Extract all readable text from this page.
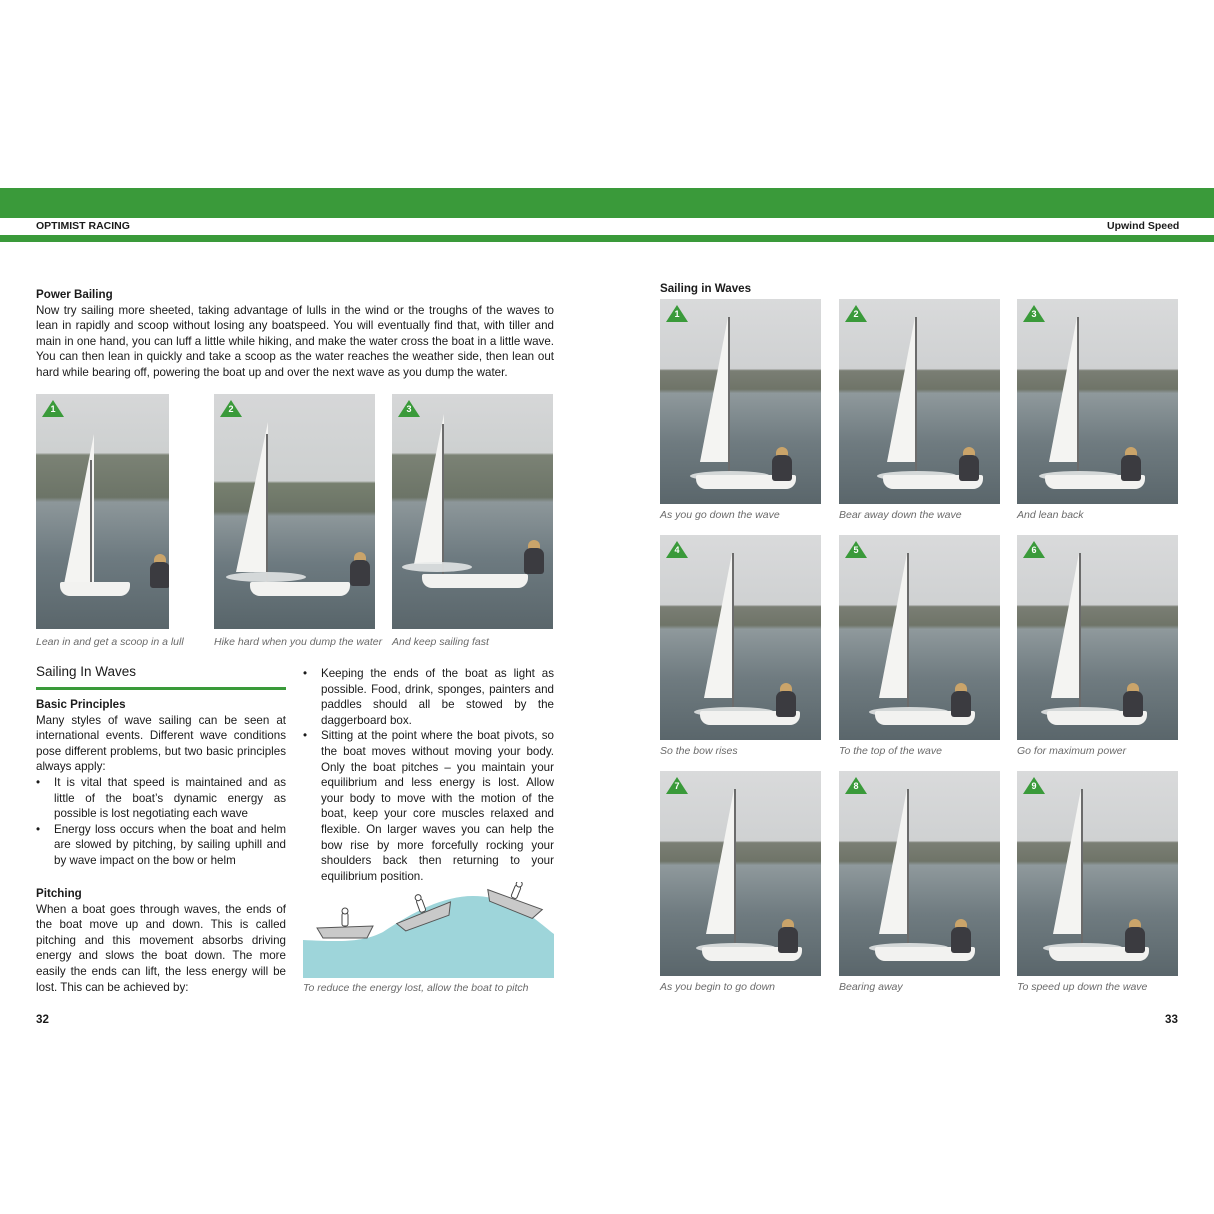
OPTIMIST RACING	PART 1: SPEED Upwind Speed
Power Bailing
Now try sailing more sheeted, taking advantage of lulls in the wind or the troughs of the waves to lean in rapidly and scoop without losing any boatspeed. You will eventually find that, with tiller and main in one hand, you can luff a little while hiking, and make the water cross the boat in a little wave. You can then lean in quickly and take a scoop as the water reaches the weather side, then lean out hard while bearing off, powering the boat up and over the next wave as you dump the water.
1	2	3
Lean in and get a scoop in a lull	Hike hard when you dump the water And keep sailing fast
Sailing In Waves
Basic Principles
Many styles of wave sailing can be seen at international events. Different wave conditions pose different problems, but two basic principles always apply:
• It is vital that speed is maintained and as little of the boat’s dynamic energy as possible is lost negotiating each wave
• Energy loss occurs when the boat and helm are slowed by pitching, by sailing uphill and by wave impact on the bow or helm
Pitching
When a boat goes through waves, the ends of the boat move up and down. This is called pitching and this movement absorbs driving energy and slows the boat down. The more easily the ends can lift, the less energy will be lost. This can be achieved by:
• Keeping the ends of the boat as light as possible. Food, drink, sponges, painters and paddles should all be stowed by the daggerboard box.
• Sitting at the point where the boat pivots, so the boat moves without moving your body. Only the boat pitches – you maintain your equilibrium and less energy is lost. Allow your body to move with the motion of the boat, keep your core muscles relaxed and flexible. On larger waves you can help the bow rise by more forcefully rocking your shoulders back then returning to your equilibrium position.
To reduce the energy lost, allow the boat to pitch
32
Sailing in Waves
1
As you go down the wave
2
Bear away down the wave
3
And lean back
4
So the bow rises
5
To the top of the wave
6
Go for maximum power
7
As you begin to go down
8
Bearing away
9
To speed up down the wave
33
